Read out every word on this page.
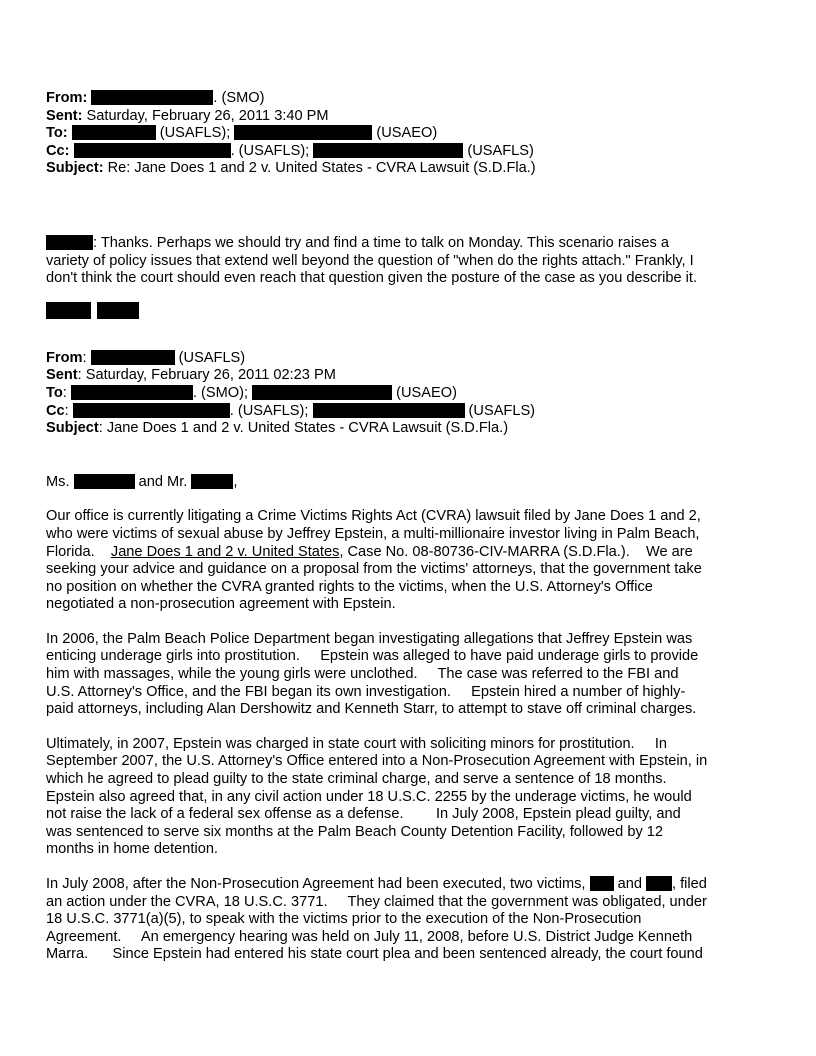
From:	. (SMO)
Sent: Saturday, February 26, 2011 3:40 PM
To:	(USAFLS);	(USAEO)
Cc:	. (USAFLS);	(USAFLS)
Subject: Re: Jane Does 1 and 2 v. United States - CVRA Lawsuit (S.D.Fla.)
: Thanks. Perhaps we should try and find a time to talk on Monday. This scenario raises a
variety of policy issues that extend well beyond the question of "when do the rights attach." Frankly, I
don't think the court should even reach that question given the posture of the case as you describe it.

From:	(USAFLS)
Sent: Saturday, February 26, 2011 02:23 PM
To:	. (SMO);	(USAEO)
Cc:	. (USAFLS);	(USAFLS)
Subject: Jane Does 1 and 2 v. United States - CVRA Lawsuit (S.D.Fla.)
Ms.	and Mr.	,
Our office is currently litigating a Crime Victims Rights Act (CVRA) lawsuit filed by Jane Does 1 and 2,
who were victims of sexual abuse by Jeffrey Epstein, a multi-millionaire investor living in Palm Beach,
Florida.    Jane Does 1 and 2 v. United States, Case No. 08-80736-CIV-MARRA (S.D.Fla.).    We are
seeking your advice and guidance on a proposal from the victims' attorneys, that the government take
no position on whether the CVRA granted rights to the victims, when the U.S. Attorney's Office
negotiated a non-prosecution agreement with Epstein.
In 2006, the Palm Beach Police Department began investigating allegations that Jeffrey Epstein was
enticing underage girls into prostitution.     Epstein was alleged to have paid underage girls to provide
him with massages, while the young girls were unclothed.     The case was referred to the FBI and
U.S. Attorney's Office, and the FBI began its own investigation.     Epstein hired a number of highly-
paid attorneys, including Alan Dershowitz and Kenneth Starr, to attempt to stave off criminal charges.
Ultimately, in 2007, Epstein was charged in state court with soliciting minors for prostitution.     In
September 2007, the U.S. Attorney's Office entered into a Non-Prosecution Agreement with Epstein, in
which he agreed to plead guilty to the state criminal charge, and serve a sentence of 18 months.
Epstein also agreed that, in any civil action under 18 U.S.C. 2255 by the underage victims, he would
not raise the lack of a federal sex offense as a defense.        In July 2008, Epstein plead guilty, and
was sentenced to serve six months at the Palm Beach County Detention Facility, followed by 12
months in home detention.
In July 2008, after the Non-Prosecution Agreement had been executed, two victims,  and , filed
an action under the CVRA, 18 U.S.C. 3771.     They claimed that the government was obligated, under
18 U.S.C. 3771(a)(5), to speak with the victims prior to the execution of the Non-Prosecution
Agreement.     An emergency hearing was held on July 11, 2008, before U.S. District Judge Kenneth
Marra.      Since Epstein had entered his state court plea and been sentenced already, the court found
